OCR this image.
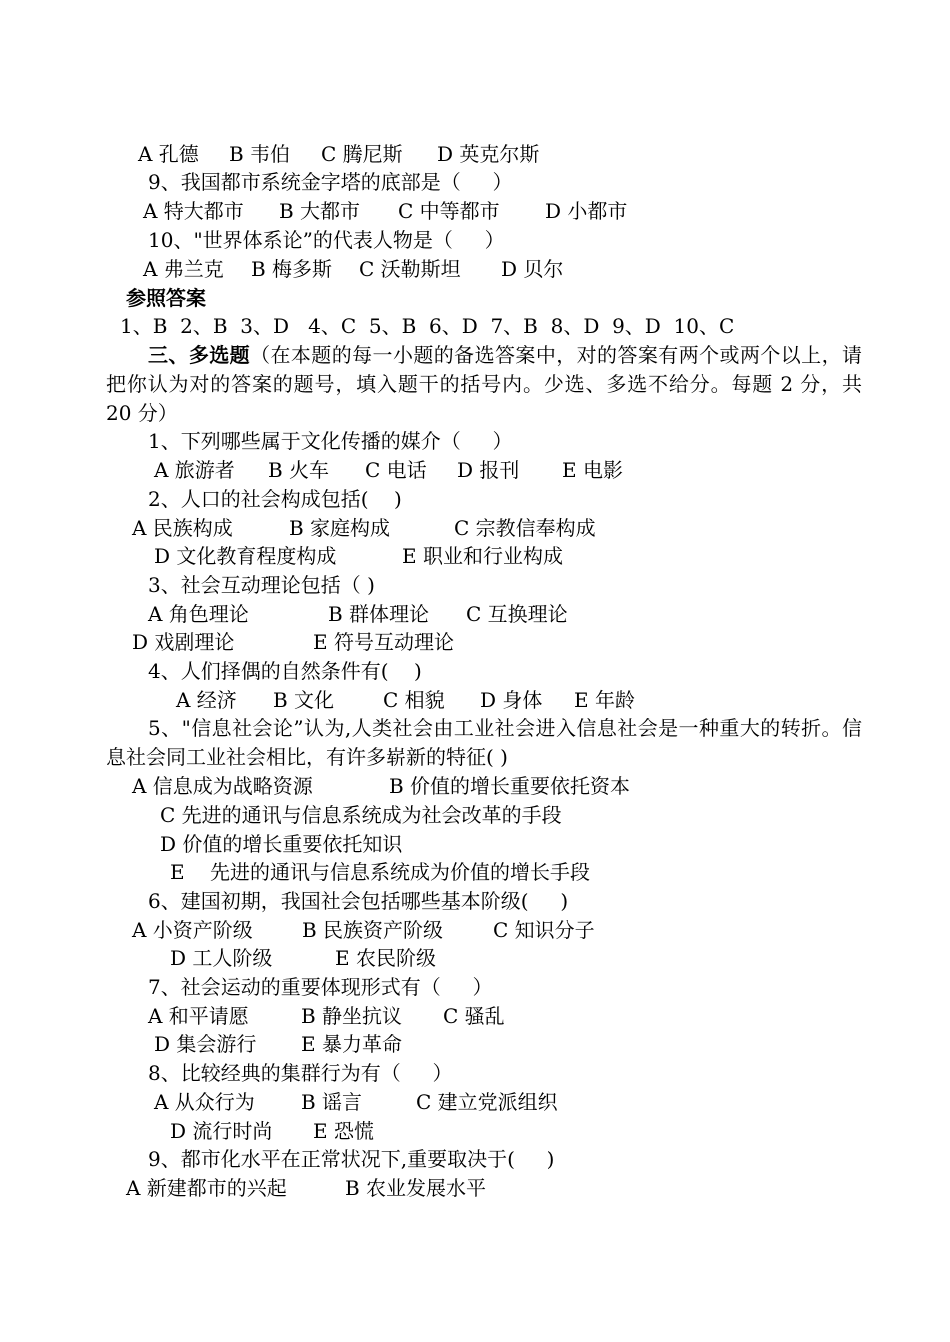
A 孔德

B 韦伯

C 腾尼斯

D 英克尔斯

9、我国都市系统金字塔的底部是（     ）

A 特大都市

B 大都市

C 中等都市

D 小都市

10、"世界体系论”的代表人物是（     ）

A 弗兰克

B 梅多斯

C 沃勒斯坦

D 贝尔

参照答案
1、B  2、B  3、D   4、C  5、B  6、D  7、B  8、D  9、D  10、C
三、多选题（在本题的每一小题的备选答案中，对的答案有两个或两个以上，请把你认为对的答案的题号，填入题干的括号内。少选、多选不给分。每题 2 分，共 20 分）
1、下列哪些属于文化传播的媒介（     ）

A 旅游者

B 火车

C 电话

D 报刊

E 电影

2、人口的社会构成包括(    )

A 民族构成

	B 家庭构成

	C 宗教信奉构成

D 文化教育程度构成

	E 职业和行业构成

3、社会互动理论包括（ )

A 角色理论

	B 群体理论

C 互换理论

D 戏剧理论

	E 符号互动理论

4、人们择偶的自然条件有(    )

A 经济

B 文化

C 相貌

D 身体

E 年龄

5、"信息社会论”认为,人类社会由工业社会进入信息社会是一种重大的转折。信息社会同工业社会相比，有许多崭新的特征( )

A 信息成为战略资源

	B 价值的增长重要依托资本

C 先进的通讯与信息系统成为社会改革的手段
D 价值的增长重要依托知识
E    先进的通讯与信息系统成为价值的增长手段
6、建国初期，我国社会包括哪些基本阶级(     )

A 小资产阶级

B 民族资产阶级

C 知识分子

D 工人阶级

	E 农民阶级

7、社会运动的重要体现形式有（     ）

A 和平请愿

	B 静坐抗议

C 骚乱

D 集会游行

E 暴力革命

8、比较经典的集群行为有（     ）

A 从众行为

B 谣言

	C 建立党派组织

D 流行时尚

E 恐慌

9、都市化水平在正常状况下,重要取决于(     )

A 新建都市的兴起

	B 农业发展水平
